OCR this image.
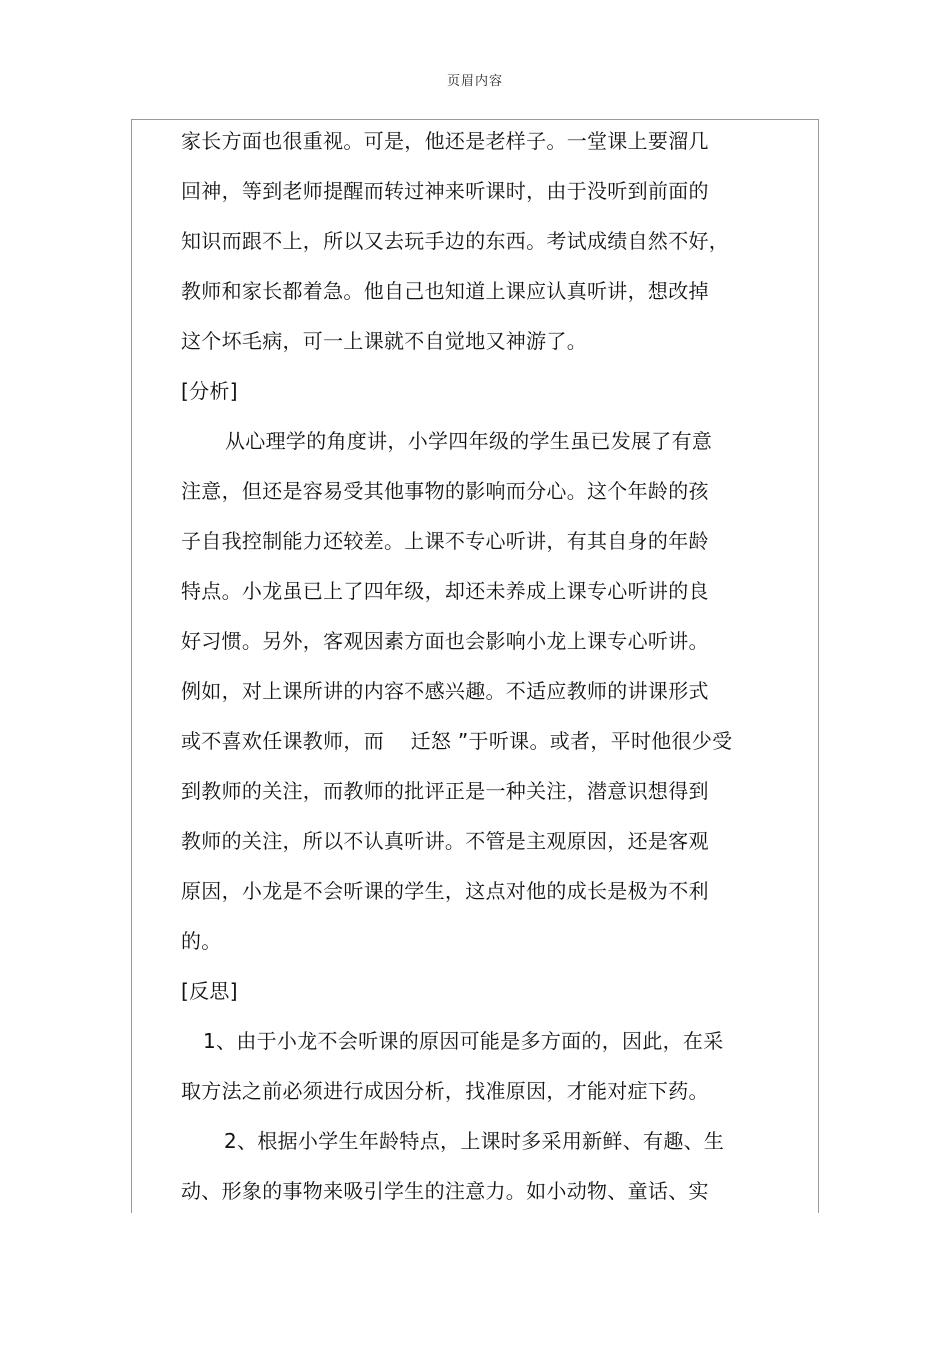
页眉内容
家长方面也很重视。可是，他还是老样子。一堂课上要溜几
回神，等到老师提醒而转过神来听课时，由于没听到前面的
知识而跟不上，所以又去玩手边的东西。考试成绩自然不好，
教师和家长都着急。他自己也知道上课应认真听讲，想改掉
这个坏毛病，可一上课就不自觉地又神游了。
[分析]
从心理学的角度讲，小学四年级的学生虽已发展了有意
注意，但还是容易受其他事物的影响而分心。这个年龄的孩
子自我控制能力还较差。上课不专心听讲，有其自身的年龄
特点。小龙虽已上了四年级，却还未养成上课专心听讲的良
好习惯。另外，客观因素方面也会影响小龙上课专心听讲。
例如，对上课所讲的内容不感兴趣。不适应教师的讲课形式
或不喜欢任课教师，而    迁怒 ”于听课。或者，平时他很少受
到教师的关注，而教师的批评正是一种关注，潜意识想得到
教师的关注，所以不认真听讲。不管是主观原因，还是客观
原因，小龙是不会听课的学生，这点对他的成长是极为不利
的。
[反思]
1、由于小龙不会听课的原因可能是多方面的，因此，在采
取方法之前必须进行成因分析，找准原因，才能对症下药。
2、根据小学生年龄特点，上课时多采用新鲜、有趣、生
动、形象的事物来吸引学生的注意力。如小动物、童话、实
